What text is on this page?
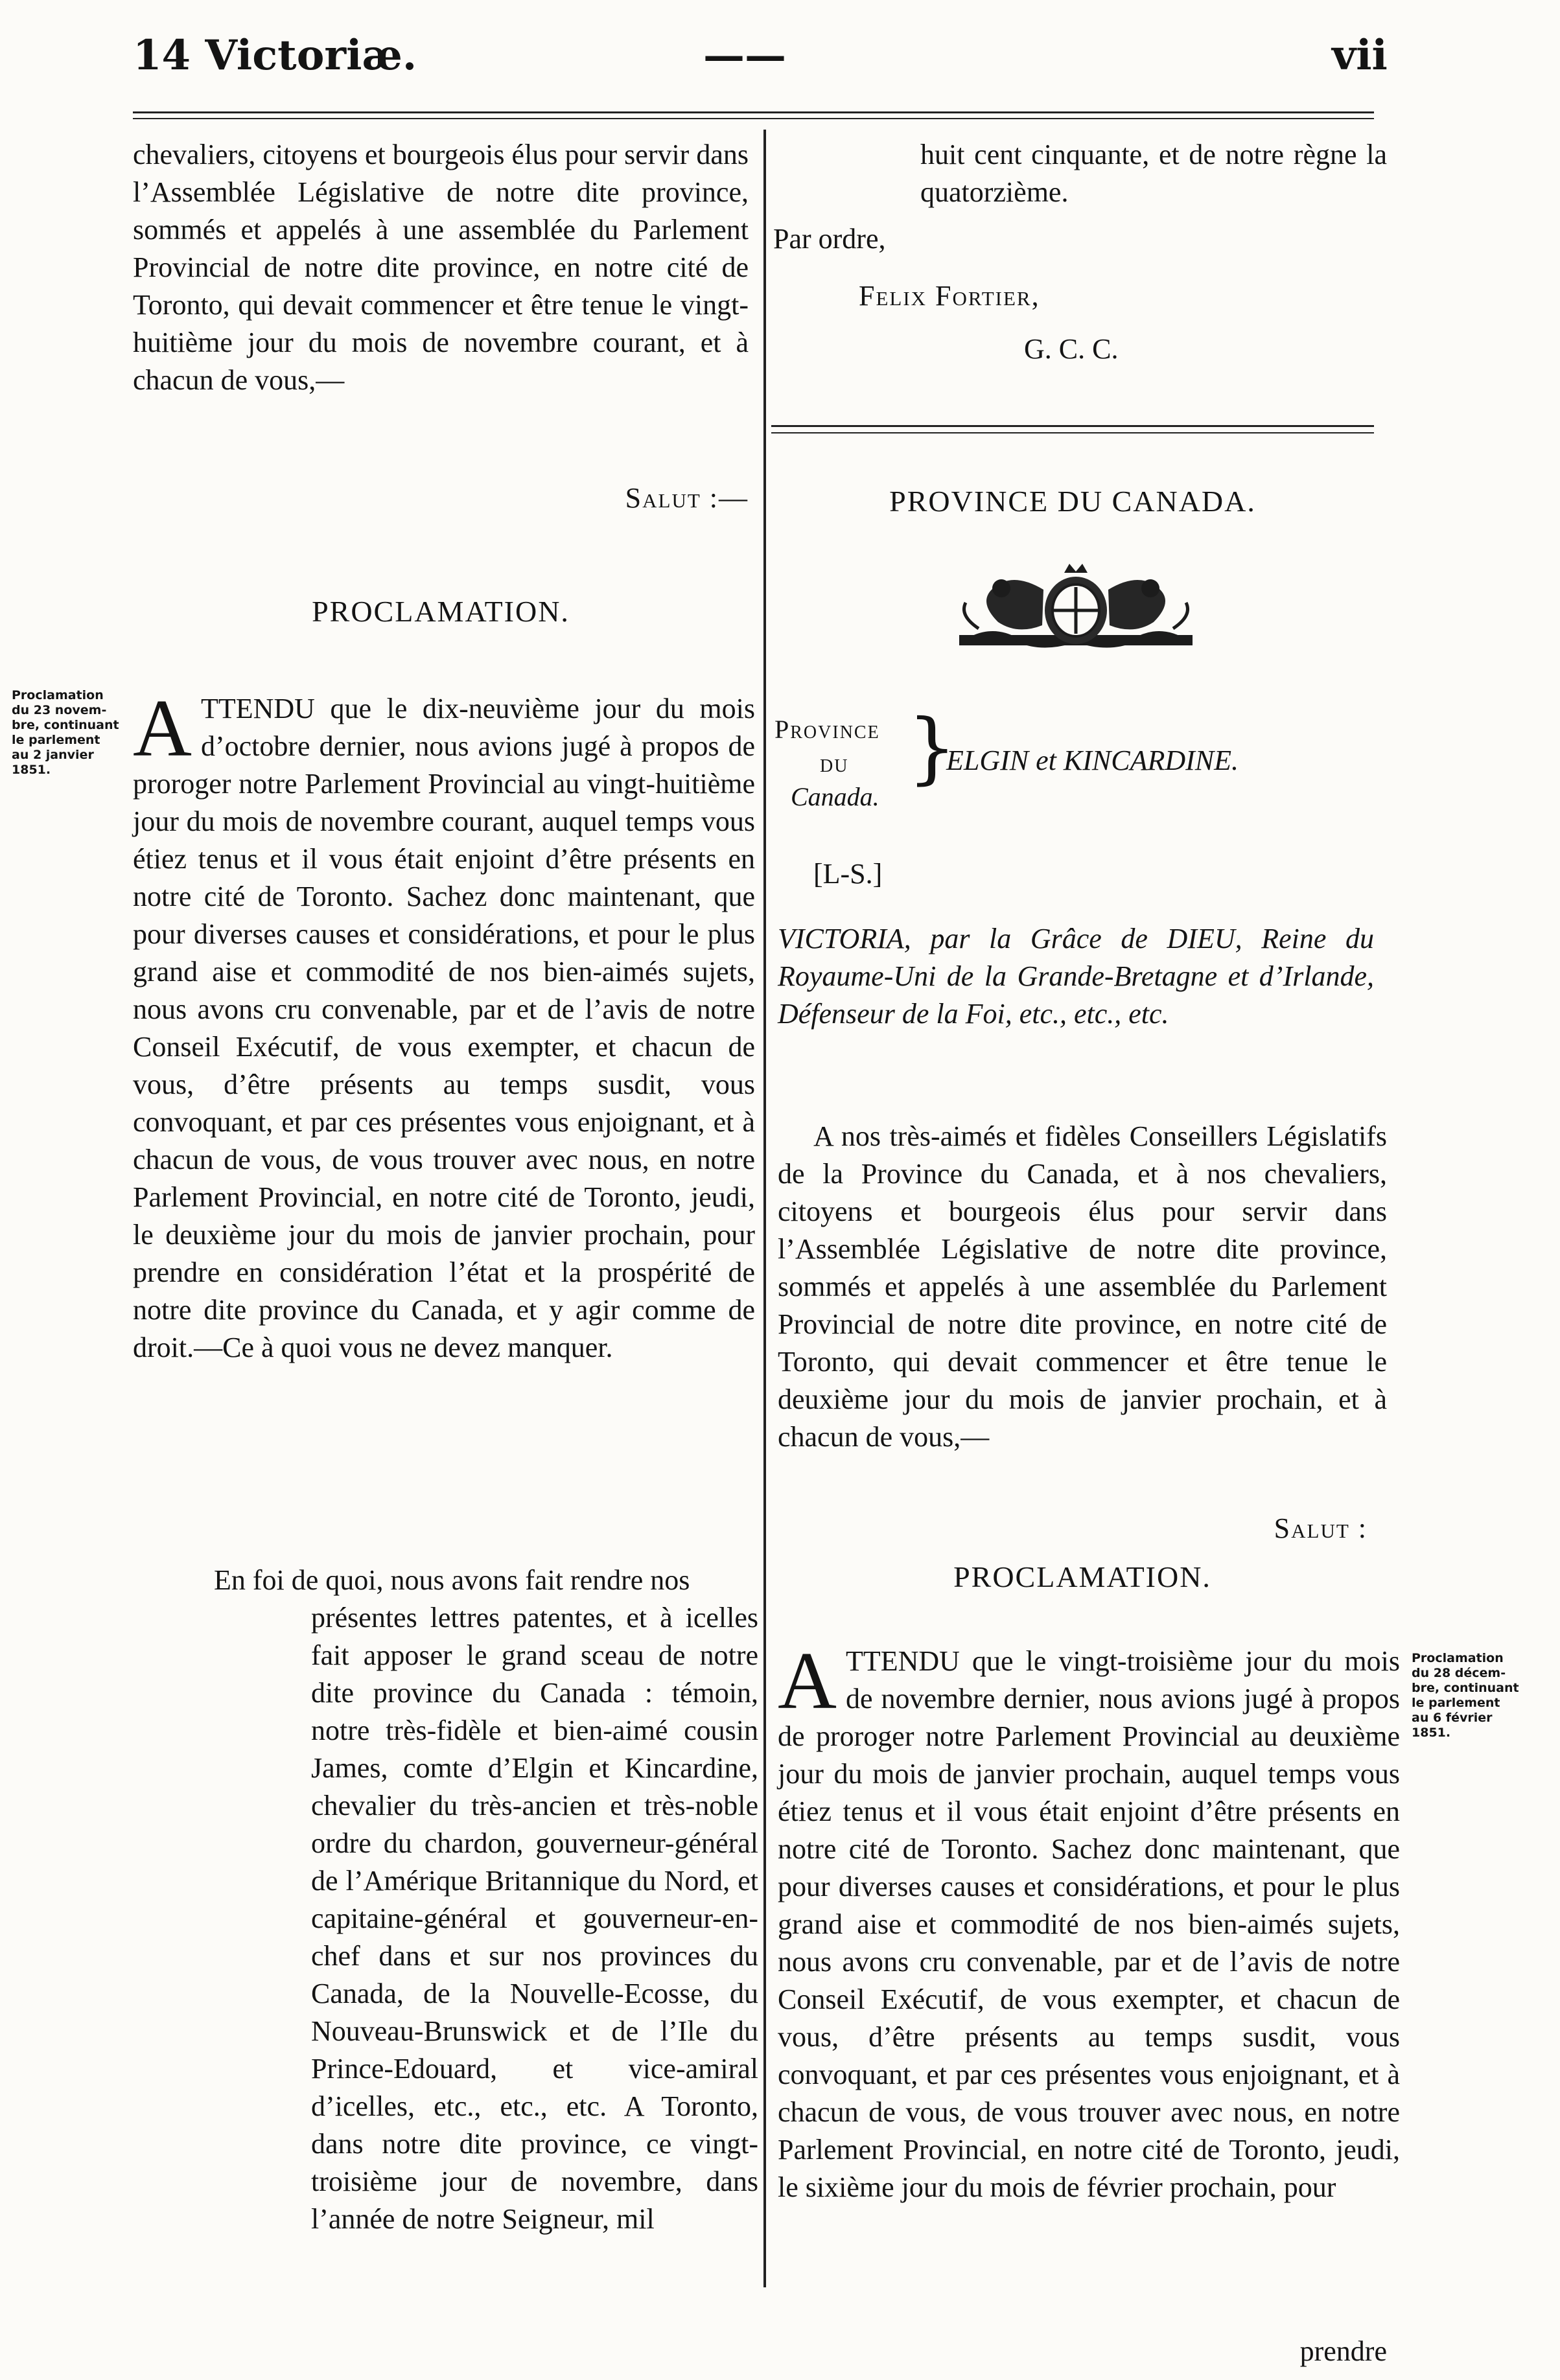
14 Victoriæ.	——	vii

chevaliers, citoyens et bourgeois élus pour servir dans l’Assemblée Législative de notre dite province, sommés et appelés à une assemblée du Parlement Provincial de notre dite province, en notre cité de Toronto, qui devait commencer et être tenue le vingt-huitième jour du mois de novembre courant, et à chacun de vous,—

Salut :—
PROCLAMATION.
Proclamation
du 23 novem-
bre, continuant
le parlement
au 2 janvier
1851.	A TTENDU que le dix-neuvième jour du mois d’octobre dernier, nous avions jugé à propos de proroger notre Parlement Provincial au vingt-huitième jour du mois de novembre courant, auquel temps vous étiez tenus et il vous était enjoint d’être présents en notre cité de Toronto. Sachez donc maintenant, que pour diverses causes et considérations, et pour le plus grand aise et commodité de nos bien-aimés sujets, nous avons cru convenable, par et de l’avis de notre Conseil Exécutif, de vous exempter, et chacun de vous, d’être présents au temps susdit, vous convoquant, et par ces présentes vous enjoignant, et à chacun de vous, de vous trouver avec nous, en notre Parlement Provincial, en notre cité de Toronto, jeudi, le deuxième jour du mois de janvier prochain, pour prendre en considération l’état et la prospérité de notre dite province du Canada, et y agir comme de droit.—Ce à quoi vous ne devez manquer.
En foi de quoi, nous avons fait rendre nos
présentes lettres patentes, et à icelles fait apposer le grand sceau de notre dite province du Canada : témoin, notre très-fidèle et bien-aimé cousin James, comte d’Elgin et Kincardine, chevalier du très-ancien et très-noble ordre du chardon, gouverneur-général de l’Amérique Britannique du Nord, et capitaine-général et gouverneur-en-chef dans et sur nos provinces du Canada, de la Nouvelle-Ecosse, du Nouveau-Brunswick et de l’Ile du Prince-Edouard, et vice-amiral d’icelles, etc., etc., etc. A Toronto, dans notre dite province, ce vingt-troisième jour de novembre, dans l’année de notre Seigneur, mil
huit cent cinquante, et de notre règne la quatorzième.
Par ordre,
Felix Fortier,
G. C. C.
PROVINCE DU CANADA.
Province
du
Canada.
}
ELGIN et KINCARDINE.
[L-S.]
VICTORIA, par la Grâce de DIEU, Reine du Royaume-Uni de la Grande-Bretagne et d’Irlande, Défenseur de la Foi, etc., etc., etc.
A nos très-aimés et fidèles Conseillers Législatifs de la Province du Canada, et à nos chevaliers, citoyens et bourgeois élus pour servir dans l’Assemblée Législative de notre dite province, sommés et appelés à une assemblée du Parlement Provincial de notre dite province, en notre cité de Toronto, qui devait commencer et être tenue le deuxième jour du mois de janvier prochain, et à chacun de vous,—
Salut :
PROCLAMATION.
A TTENDU que le vingt-troisième jour du mois de novembre dernier, nous avions jugé à propos de proroger notre Parlement Provincial au deuxième jour du mois de janvier prochain, auquel temps vous étiez tenus et il vous était enjoint d’être présents en notre cité de Toronto. Sachez donc maintenant, que pour diverses causes et considérations, et pour le plus grand aise et commodité de nos bien-aimés sujets, nous avons cru convenable, par et de l’avis de notre Conseil Exécutif, de vous exempter, et chacun de vous, d’être présents au temps susdit, vous convoquant, et par ces présentes vous enjoignant, et à chacun de vous, de vous trouver avec nous, en notre Parlement Provincial, en notre cité de Toronto, jeudi, le sixième jour du mois de février prochain, pour
Proclamation
du 28 décem-
bre, continuant
le parlement
au 6 février
1851.
prendre
